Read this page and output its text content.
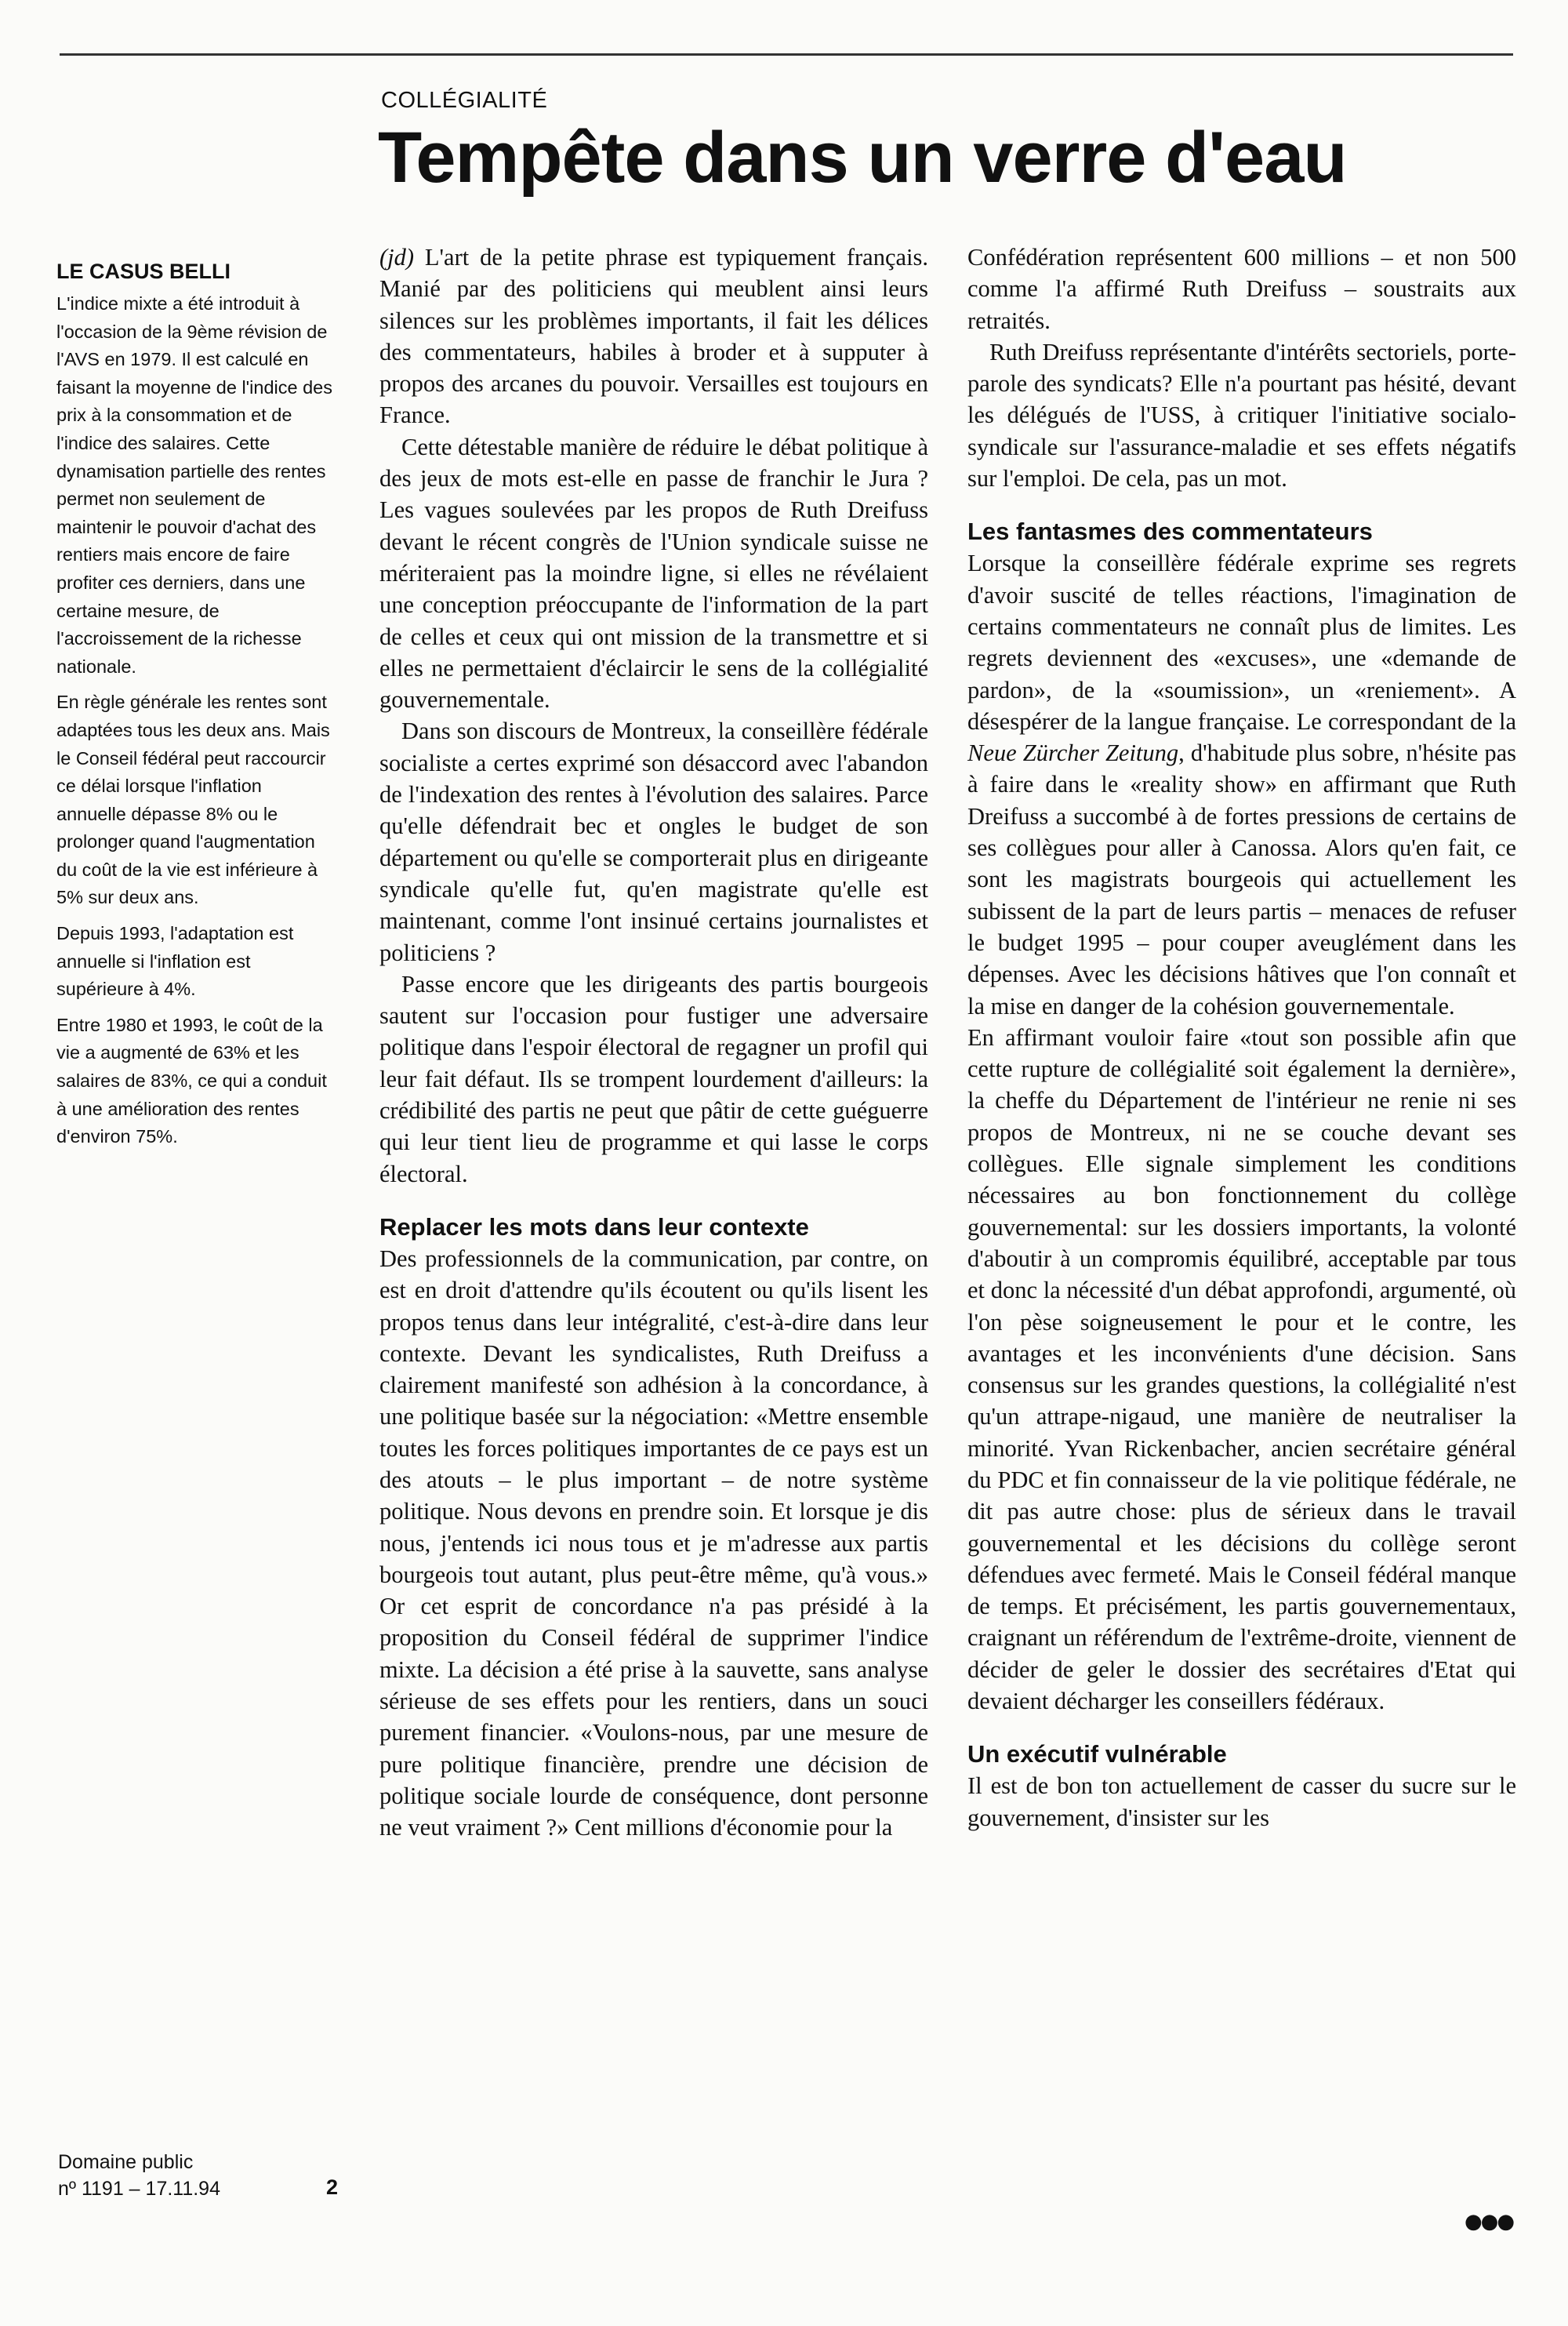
COLLÉGIALITÉ
Tempête dans un verre d'eau
LE CASUS BELLI

L'indice mixte a été introduit à l'occasion de la 9ème révision de l'AVS en 1979. Il est calculé en faisant la moyenne de l'indice des prix à la consommation et de l'indice des salaires. Cette dynamisation partielle des rentes permet non seulement de maintenir le pouvoir d'achat des rentiers mais encore de faire profiter ces derniers, dans une certaine mesure, de l'accroissement de la richesse nationale.

En règle générale les rentes sont adaptées tous les deux ans. Mais le Conseil fédéral peut raccourcir ce délai lorsque l'inflation annuelle dépasse 8% ou le prolonger quand l'augmentation du coût de la vie est inférieure à 5% sur deux ans.

Depuis 1993, l'adaptation est annuelle si l'inflation est supérieure à 4%.

Entre 1980 et 1993, le coût de la vie a augmenté de 63% et les salaires de 83%, ce qui a conduit à une amélioration des rentes d'environ 75%.

(jd) L'art de la petite phrase est typiquement français. Manié par des politiciens qui meublent ainsi leurs silences sur les problèmes importants, il fait les délices des commentateurs, habiles à broder et à supputer à propos des arcanes du pouvoir. Versailles est toujours en France.

Cette détestable manière de réduire le débat politique à des jeux de mots est-elle en passe de franchir le Jura ? Les vagues soulevées par les propos de Ruth Dreifuss devant le récent congrès de l'Union syndicale suisse ne mériteraient pas la moindre ligne, si elles ne révélaient une conception préoccupante de l'information de la part de celles et ceux qui ont mission de la transmettre et si elles ne permettaient d'éclaircir le sens de la collégialité gouvernementale.

Dans son discours de Montreux, la conseillère fédérale socialiste a certes exprimé son désaccord avec l'abandon de l'indexation des rentes à l'évolution des salaires. Parce qu'elle défendrait bec et ongles le budget de son département ou qu'elle se comporterait plus en dirigeante syndicale qu'elle fut, qu'en magistrate qu'elle est maintenant, comme l'ont insinué certains journalistes et politiciens ?

Passe encore que les dirigeants des partis bourgeois sautent sur l'occasion pour fustiger une adversaire politique dans l'espoir électoral de regagner un profil qui leur fait défaut. Ils se trompent lourdement d'ailleurs: la crédibilité des partis ne peut que pâtir de cette guéguerre qui leur tient lieu de programme et qui lasse le corps électoral.

Replacer les mots dans leur contexte

Des professionnels de la communication, par contre, on est en droit d'attendre qu'ils écoutent ou qu'ils lisent les propos tenus dans leur intégralité, c'est-à-dire dans leur contexte. Devant les syndicalistes, Ruth Dreifuss a clairement manifesté son adhésion à la concordance, à une politique basée sur la négociation: «Mettre ensemble toutes les forces politiques importantes de ce pays est un des atouts – le plus important – de notre système politique. Nous devons en prendre soin. Et lorsque je dis nous, j'entends ici nous tous et je m'adresse aux partis bourgeois tout autant, plus peut-être même, qu'à vous.» Or cet esprit de concordance n'a pas présidé à la proposition du Conseil fédéral de supprimer l'indice mixte. La décision a été prise à la sauvette, sans analyse sérieuse de ses effets pour les rentiers, dans un souci purement financier. «Voulons-nous, par une mesure de pure politique financière, prendre une décision de politique sociale lourde de conséquence, dont personne ne veut vraiment ?» Cent millions d'économie pour la

Confédération représentent 600 millions – et non 500 comme l'a affirmé Ruth Dreifuss – soustraits aux retraités.

Ruth Dreifuss représentante d'intérêts sectoriels, porte-parole des syndicats? Elle n'a pourtant pas hésité, devant les délégués de l'USS, à critiquer l'initiative socialo-syndicale sur l'assurance-maladie et ses effets négatifs sur l'emploi. De cela, pas un mot.

Les fantasmes des commentateurs

Lorsque la conseillère fédérale exprime ses regrets d'avoir suscité de telles réactions, l'imagination de certains commentateurs ne connaît plus de limites. Les regrets deviennent des «excuses», une «demande de pardon», de la «soumission», un «reniement». A désespérer de la langue française. Le correspondant de la Neue Zürcher Zeitung, d'habitude plus sobre, n'hésite pas à faire dans le «reality show» en affirmant que Ruth Dreifuss a succombé à de fortes pressions de certains de ses collègues pour aller à Canossa. Alors qu'en fait, ce sont les magistrats bourgeois qui actuellement les subissent de la part de leurs partis – menaces de refuser le budget 1995 – pour couper aveuglément dans les dépenses. Avec les décisions hâtives que l'on connaît et la mise en danger de la cohésion gouvernementale.

En affirmant vouloir faire «tout son possible afin que cette rupture de collégialité soit également la dernière», la cheffe du Département de l'intérieur ne renie ni ses propos de Montreux, ni ne se couche devant ses collègues. Elle signale simplement les conditions nécessaires au bon fonctionnement du collège gouvernemental: sur les dossiers importants, la volonté d'aboutir à un compromis équilibré, acceptable par tous et donc la nécessité d'un débat approfondi, argumenté, où l'on pèse soigneusement le pour et le contre, les avantages et les inconvénients d'une décision. Sans consensus sur les grandes questions, la collégialité n'est qu'un attrape-nigaud, une manière de neutraliser la minorité. Yvan Rickenbacher, ancien secrétaire général du PDC et fin connaisseur de la vie politique fédérale, ne dit pas autre chose: plus de sérieux dans le travail gouvernemental et les décisions du collège seront défendues avec fermeté. Mais le Conseil fédéral manque de temps. Et précisément, les partis gouvernementaux, craignant un référendum de l'extrême-droite, viennent de décider de geler le dossier des secrétaires d'Etat qui devaient décharger les conseillers fédéraux.

Un exécutif vulnérable

Il est de bon ton actuellement de casser du sucre sur le gouvernement, d'insister sur les

Domaine public
nº 1191 – 17.11.94	2
●●●
